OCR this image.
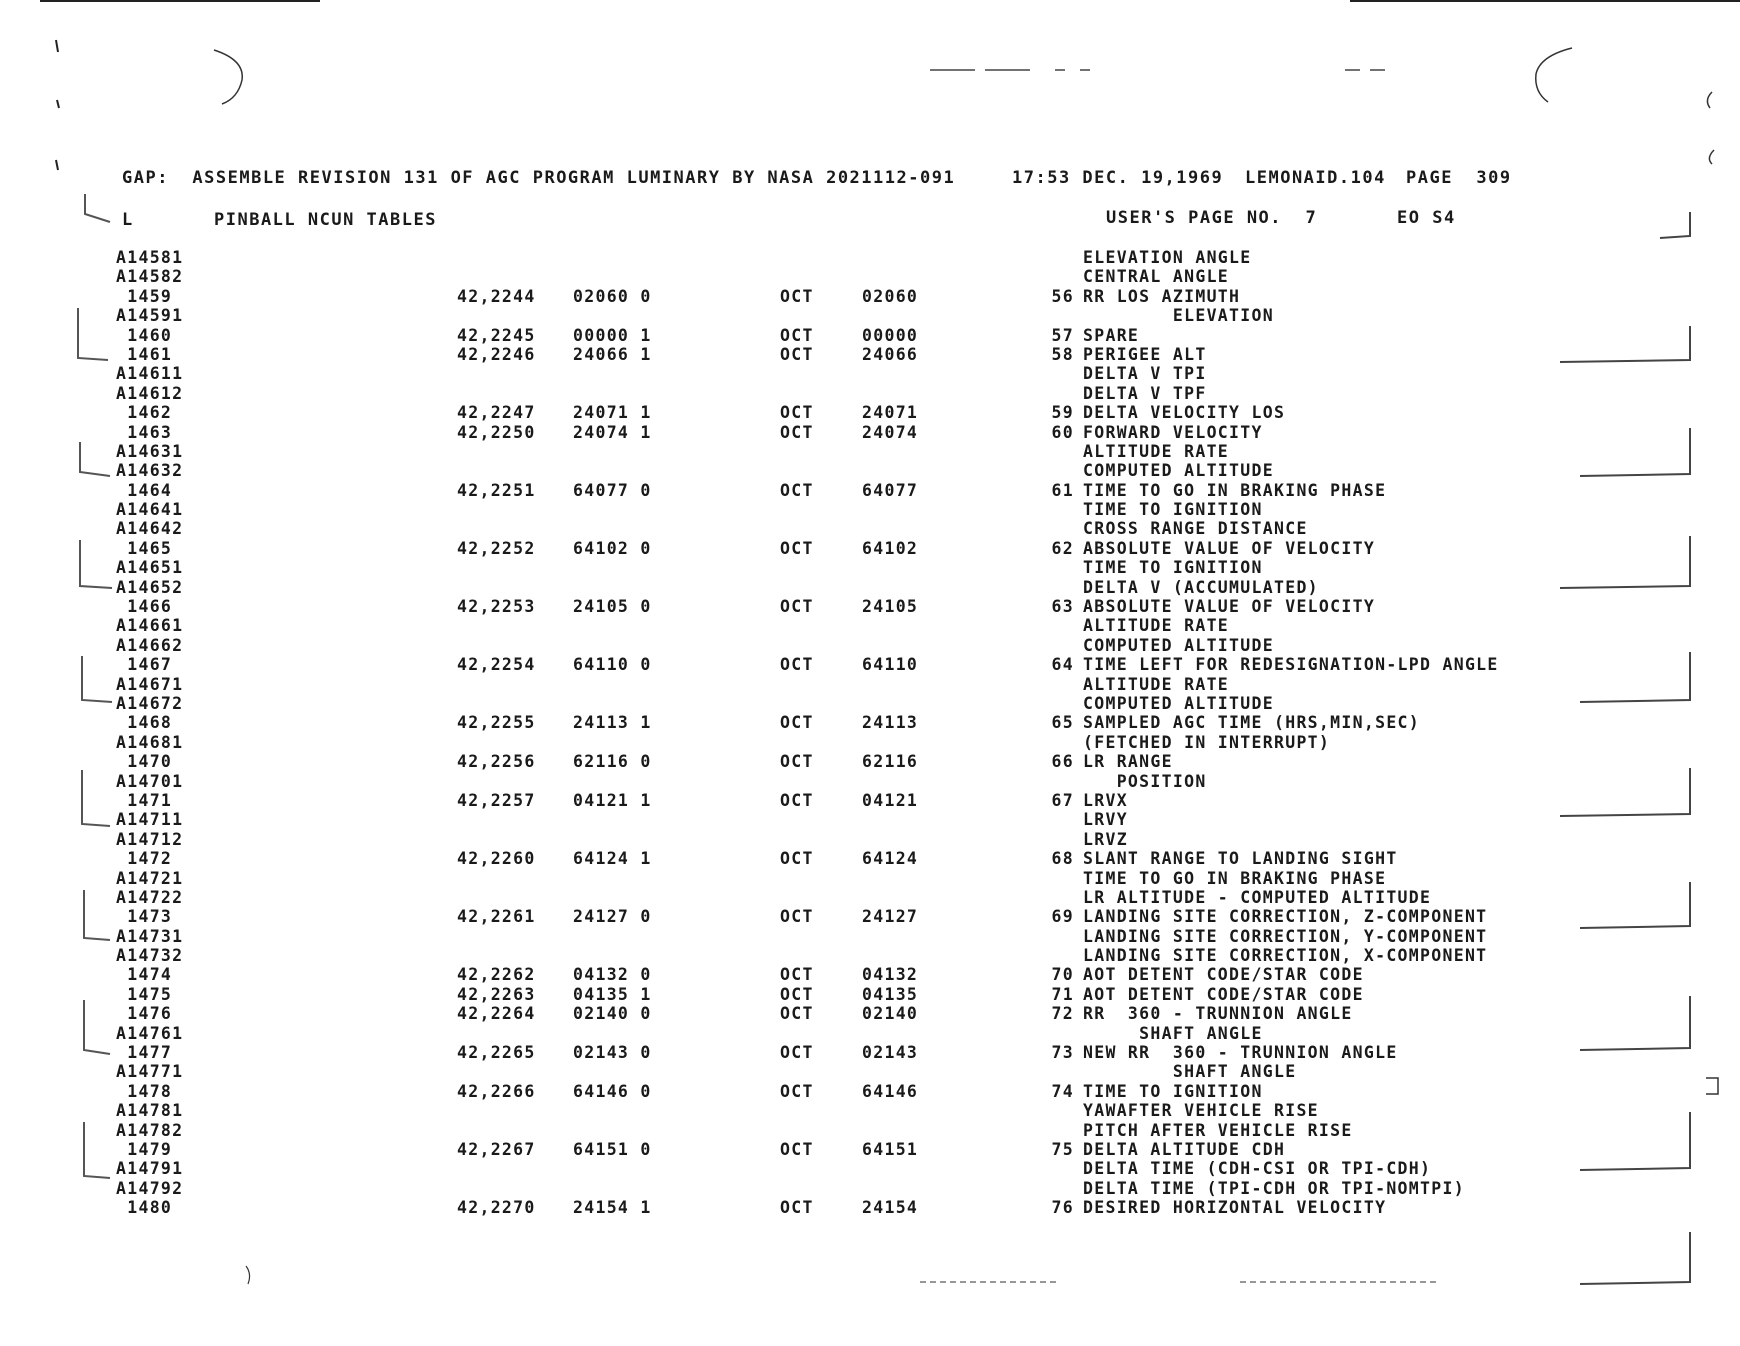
GAP:  ASSEMBLE REVISION 131 OF AGC PROGRAM LUMINARY BY NASA 2021112-091	17:53 DEC. 19,1969 LEMONAID.104 PAGE  309
L	PINBALL NCUN TABLES	USER'S PAGE NO.  7	EO S4
A14581	ELEVATION ANGLE
A14582	CENTRAL ANGLE
1459	42,2244 02060 0	OCT	02060	56 RR LOS AZIMUTH
A14591	ELEVATION
1460	42,2245 00000 1	OCT	00000	57 SPARE
1461	42,2246 24066 1	OCT	24066	58 PERIGEE ALT
A14611	DELTA V TPI
A14612	DELTA V TPF
1462	42,2247 24071 1	OCT	24071	59 DELTA VELOCITY LOS
1463	42,2250 24074 1	OCT	24074	60 FORWARD VELOCITY
A14631	ALTITUDE RATE
A14632	COMPUTED ALTITUDE
1464	42,2251 64077 0	OCT	64077	61 TIME TO GO IN BRAKING PHASE
A14641	TIME TO IGNITION
A14642	CROSS RANGE DISTANCE
1465	42,2252 64102 0	OCT	64102	62 ABSOLUTE VALUE OF VELOCITY
A14651	TIME TO IGNITION
A14652	DELTA V (ACCUMULATED)
1466	42,2253 24105 0	OCT	24105	63 ABSOLUTE VALUE OF VELOCITY
A14661	ALTITUDE RATE
A14662	COMPUTED ALTITUDE
1467	42,2254 64110 0	OCT	64110	64 TIME LEFT FOR REDESIGNATION-LPD ANGLE
A14671	ALTITUDE RATE
A14672	COMPUTED ALTITUDE
1468	42,2255 24113 1	OCT	24113	65 SAMPLED AGC TIME (HRS,MIN,SEC)
A14681	(FETCHED IN INTERRUPT)
1470	42,2256 62116 0	OCT	62116	66 LR RANGE
A14701	POSITION
1471	42,2257 04121 1	OCT	04121	67 LRVX
A14711	LRVY
A14712	LRVZ
1472	42,2260 64124 1	OCT	64124	68 SLANT RANGE TO LANDING SIGHT
A14721	TIME TO GO IN BRAKING PHASE
A14722	LR ALTITUDE - COMPUTED ALTITUDE
1473	42,2261 24127 0	OCT	24127	69 LANDING SITE CORRECTION, Z-COMPONENT
A14731	LANDING SITE CORRECTION, Y-COMPONENT
A14732	LANDING SITE CORRECTION, X-COMPONENT
1474	42,2262 04132 0	OCT	04132	70 AOT DETENT CODE/STAR CODE
1475	42,2263 04135 1	OCT	04135	71 AOT DETENT CODE/STAR CODE
1476	42,2264 02140 0	OCT	02140	72 RR  360 - TRUNNION ANGLE
A14761	SHAFT ANGLE
1477	42,2265 02143 0	OCT	02143	73 NEW RR  360 - TRUNNION ANGLE
A14771	SHAFT ANGLE
1478	42,2266 64146 0	OCT	64146	74 TIME TO IGNITION
A14781	YAWAFTER VEHICLE RISE
A14782	PITCH AFTER VEHICLE RISE
1479	42,2267 64151 0	OCT	64151	75 DELTA ALTITUDE CDH
A14791	DELTA TIME (CDH-CSI OR TPI-CDH)
A14792	DELTA TIME (TPI-CDH OR TPI-NOMTPI)
1480	42,2270 24154 1	OCT	24154	76 DESIRED HORIZONTAL VELOCITY
